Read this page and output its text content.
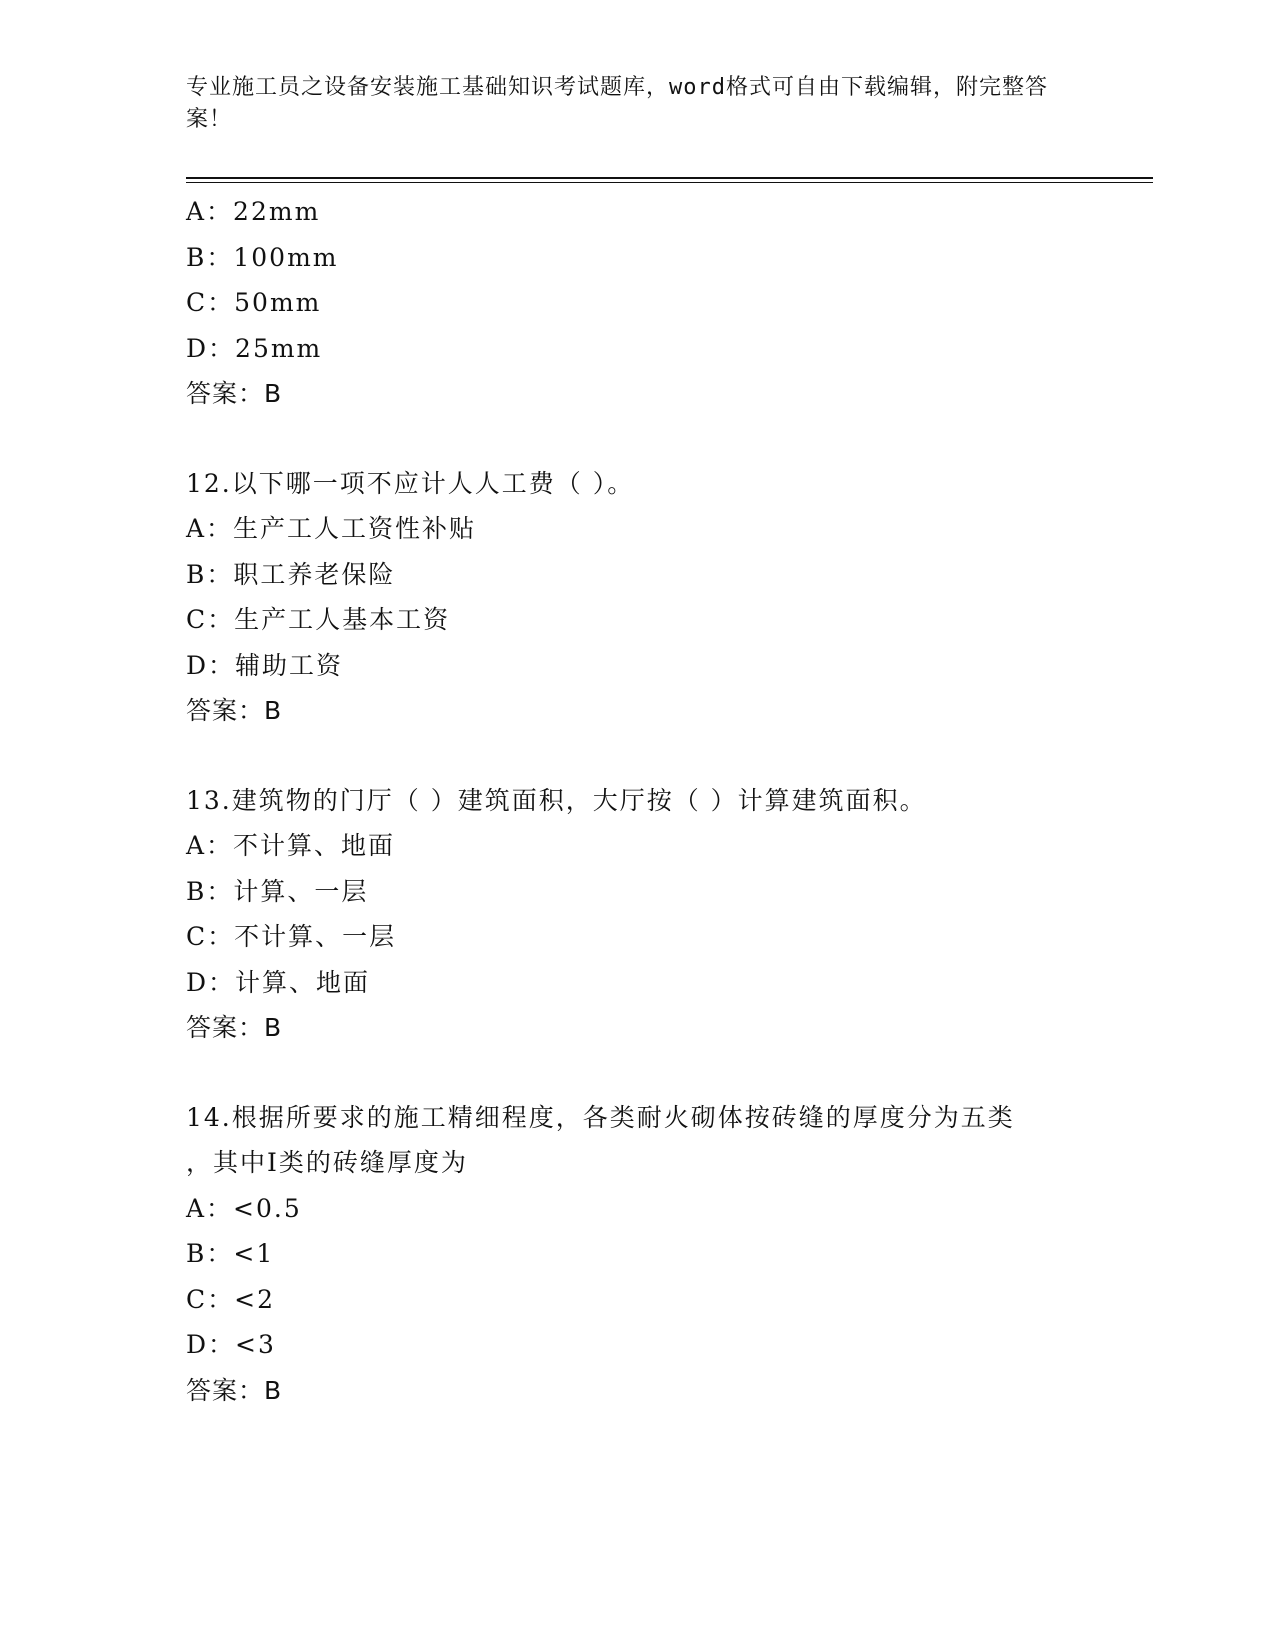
专业施工员之设备安装施工基础知识考试题库，word格式可自由下载编辑，附完整答案！
A：22mm
B：100mm
C：50mm
D：25mm
答案：B
12.以下哪一项不应计人人工费（ ）。
A：生产工人工资性补贴
B：职工养老保险
C：生产工人基本工资
D：辅助工资
答案：B
13.建筑物的门厅（ ）建筑面积，大厅按（ ）计算建筑面积。
A：不计算、地面
B：计算、一层
C：不计算、一层
D：计算、地面
答案：B
14.根据所要求的施工精细程度，各类耐火砌体按砖缝的厚度分为五类
，其中Ⅰ类的砖缝厚度为
A：<0.5
B：<1
C：<2
D：<3
答案：B
